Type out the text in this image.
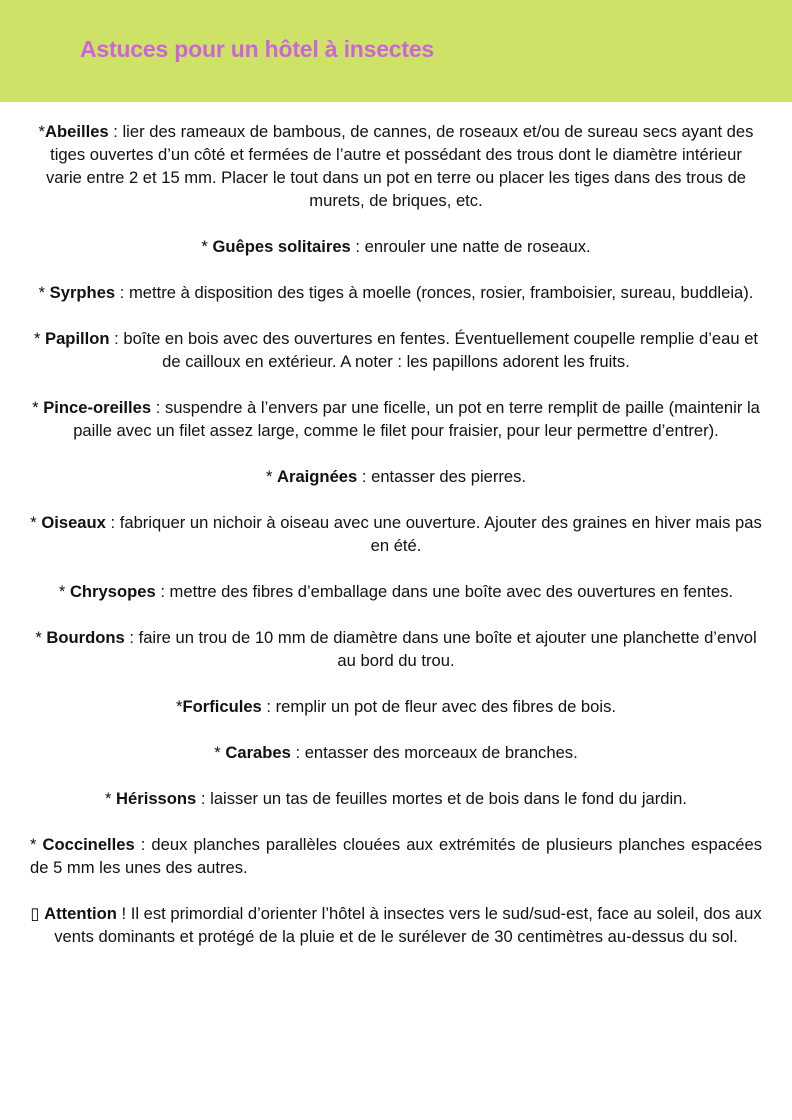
Astuces pour un hôtel à insectes

*Abeilles : lier des rameaux de bambous, de cannes, de roseaux et/ou de sureau secs ayant des tiges ouvertes d’un côté et fermées de l’autre et possédant des trous dont le diamètre intérieur varie entre 2 et 15 mm. Placer le tout dans un pot en terre ou placer les tiges dans des trous de murets, de briques, etc.

* Guêpes solitaires : enrouler une natte de roseaux.

* Syrphes : mettre à disposition des tiges à moelle (ronces, rosier, framboisier, sureau, buddleia).

* Papillon : boîte en bois avec des ouvertures en fentes. Éventuellement coupelle remplie d’eau et de cailloux en extérieur. A noter : les papillons adorent les fruits.

* Pince-oreilles : suspendre à l’envers par une ficelle, un pot en terre remplit de paille (maintenir la paille avec un filet assez large, comme le filet pour fraisier, pour leur permettre d’entrer).

* Araignées : entasser des pierres.

* Oiseaux : fabriquer un nichoir à oiseau avec une ouverture. Ajouter des graines en hiver mais pas en été.

* Chrysopes : mettre des fibres d’emballage dans une boîte avec des ouvertures en fentes.

* Bourdons : faire un trou de 10 mm de diamètre dans une boîte et ajouter une planchette d’envol au bord du trou.

*Forficules : remplir un pot de fleur avec des fibres de bois.

* Carabes : entasser des morceaux de branches.

* Hérissons : laisser un tas de feuilles mortes et de bois dans le fond du jardin.

* Coccinelles : deux planches parallèles clouées aux extrémités de plusieurs planches espacées de 5 mm les unes des autres.

▯ Attention ! Il est primordial d’orienter l’hôtel à insectes vers le sud/sud-est, face au soleil, dos aux vents dominants et protégé de la pluie et de le surélever de 30 centimètres au-dessus du sol.
